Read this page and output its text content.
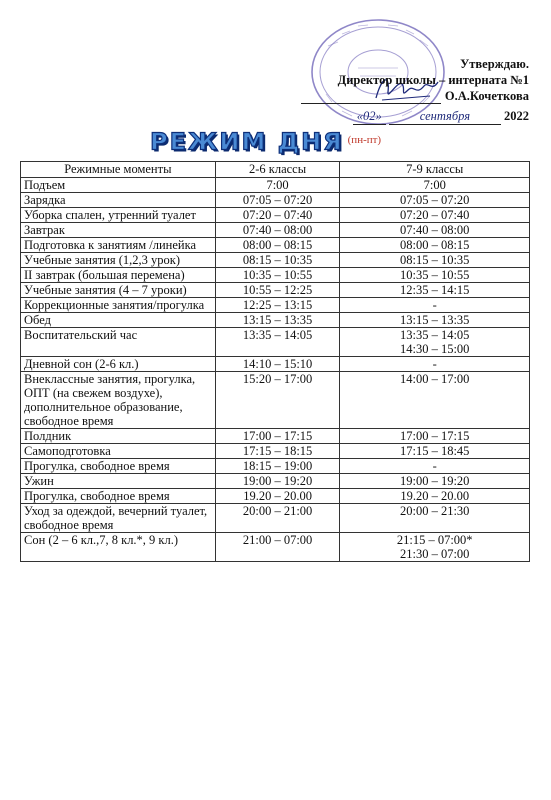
Утверждаю.
Директор школы – интерната №1
О.А.Кочеткова
«02»	сентября	2022
РЕЖИМ ДНЯ $^{(пн-пт)}$
Режимные моменты	2-6 классы	7-9 классы
Подъем	7:00	7:00

Зарядка	07:05 – 07:20	07:05 – 07:20

Уборка спален, утренний туалет	07:20 – 07:40	07:20 – 07:40

Завтрак	07:40 – 08:00	07:40 – 08:00

Подготовка к занятиям /линейка	08:00 – 08:15	08:00 – 08:15

Учебные занятия (1,2,3 урок)	08:15 – 10:35	08:15 – 10:35

II завтрак (большая перемена)	10:35 – 10:55	10:35 – 10:55

Учебные занятия (4 – 7 уроки)	10:55 – 12:25	12:35 – 14:15

Коррекционные занятия/прогулка	12:25 – 13:15	-

Обед	13:15 – 13:35	13:15 – 13:35

Воспитательский час	13:35 – 14:05	13:35 – 14:05
14:30 – 15:00

Дневной сон (2-6 кл.)	14:10 – 15:10	-

Внеклассные занятия, прогулка, ОПТ (на свежем воздухе), дополнительное образование, свободное время	15:20 – 17:00	14:00 – 17:00

Полдник	17:00 – 17:15	17:00 – 17:15

Самоподготовка	17:15 – 18:15	17:15 – 18:45

Прогулка, свободное время	18:15 – 19:00	-

Ужин	19:00 – 19:20	19:00 – 19:20

Прогулка, свободное время	19.20 – 20.00	19.20 – 20.00

Уход за одеждой, вечерний туалет, свободное время	20:00 – 21:00	20:00 – 21:30

Сон (2 – 6 кл.,7, 8 кл.*, 9 кл.)	21:00 – 07:00	21:15 – 07:00*
21:30 – 07:00
